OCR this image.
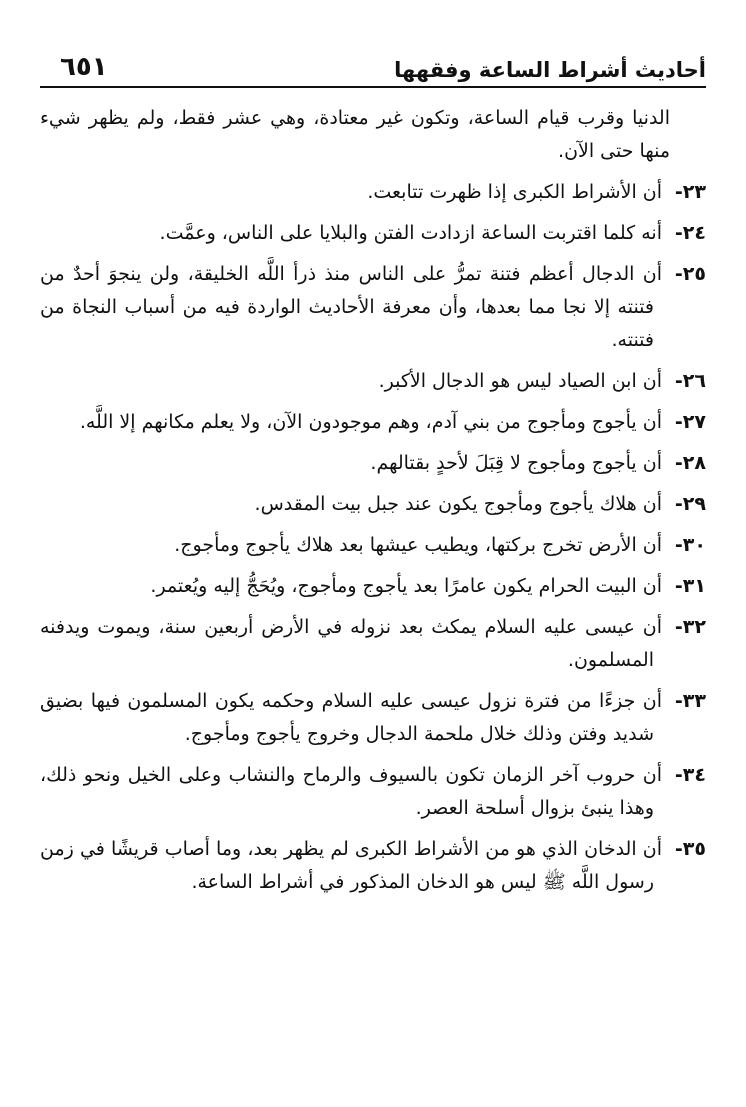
أحاديث أشراط الساعة وفقهها
٦٥١
الدنيا وقرب قيام الساعة، وتكون غير معتادة، وهي عشر فقط، ولم يظهر شيء منها حتى الآن.
٢٣-أن الأشراط الكبرى إذا ظهرت تتابعت.
٢٤-أنه كلما اقتربت الساعة ازدادت الفتن والبلايا على الناس، وعمَّت.
٢٥-أن الدجال أعظم فتنة تمرُّ على الناس منذ ذرأ اللَّه الخليقة، ولن ينجوَ أحدٌ من فتنته إلا نجا مما بعدها، وأن معرفة الأحاديث الواردة فيه من أسباب النجاة من فتنته.
٢٦-أن ابن الصياد ليس هو الدجال الأكبر.
٢٧-أن يأجوج ومأجوج من بني آدم، وهم موجودون الآن، ولا يعلم مكانهم إلا اللَّه.
٢٨-أن يأجوج ومأجوج لا قِبَلَ لأحدٍ بقتالهم.
٢٩-أن هلاك يأجوج ومأجوج يكون عند جبل بيت المقدس.
٣٠-أن الأرض تخرج بركتها، ويطيب عيشها بعد هلاك يأجوج ومأجوج.
٣١-أن البيت الحرام يكون عامرًا بعد يأجوج ومأجوج، ويُحَجُّ إليه ويُعتمر.
٣٢-أن عيسى عليه السلام يمكث بعد نزوله في الأرض أربعين سنة، ويموت ويدفنه المسلمون.
٣٣-أن جزءًا من فترة نزول عيسى عليه السلام وحكمه يكون المسلمون فيها بضيق شديد وفتن وذلك خلال ملحمة الدجال وخروج يأجوج ومأجوج.
٣٤-أن حروب آخر الزمان تكون بالسيوف والرماح والنشاب وعلى الخيل ونحو ذلك، وهذا ينبئ بزوال أسلحة العصر.
٣٥-أن الدخان الذي هو من الأشراط الكبرى لم يظهر بعد، وما أصاب قريشًا في زمن رسول اللَّه ﷺ ليس هو الدخان المذكور في أشراط الساعة.
